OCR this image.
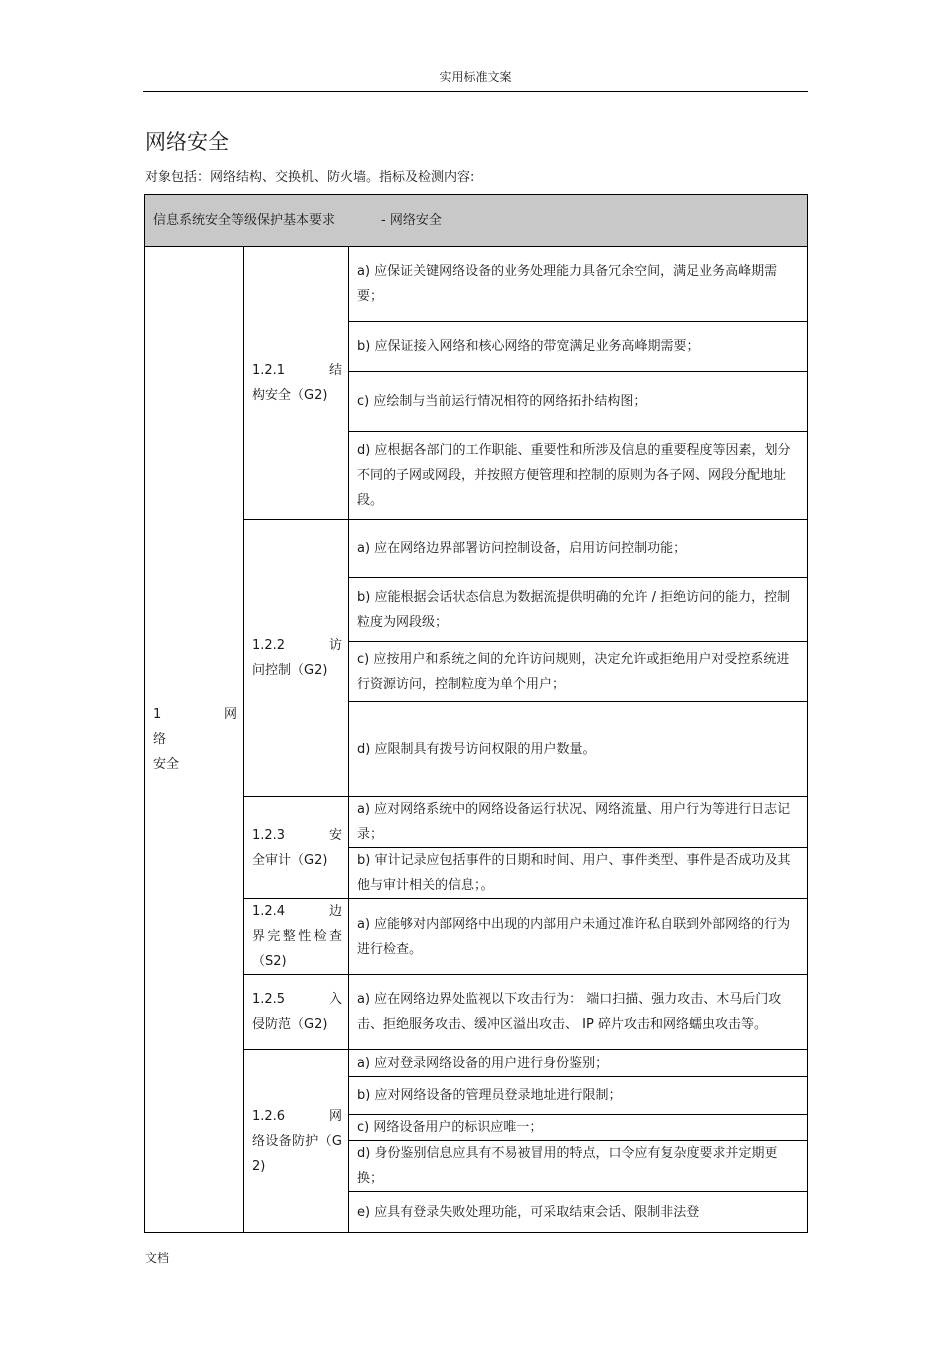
实用标准文案
网络安全
对象包括：网络结构、交换机、防火墙。指标及检测内容:
信息系统安全等级保护基本要求 - 网络安全		

1 网络
安全	1.2.1 结
构安全（G2)	a) 应保证关键网络设备的业务处理能力具备冗余空间，满足业务高峰期需要；
		b) 应保证接入网络和核心网络的带宽满足业务高峰期需要；
		c) 应绘制与当前运行情况相符的网络拓扑结构图；
		d) 应根据各部门的工作职能、重要性和所涉及信息的重要程度等因素，划分不同的子网或网段，并按照方便管理和控制的原则为各子网、网段分配地址段。

	1.2.2 访
问控制（G2)	a) 应在网络边界部署访问控制设备，启用访问控制功能；
		b) 应能根据会话状态信息为数据流提供明确的允许 / 拒绝访问的能力，控制粒度为网段级；
		c) 应按用户和系统之间的允许访问规则，决定允许或拒绝用户对受控系统进行资源访问，控制粒度为单个用户；
		d) 应限制具有拨号访问权限的用户数量。

	1.2.3 安
全审计（G2)	a) 应对网络系统中的网络设备运行状况、网络流量、用户行为等进行日志记录；
		b) 审计记录应包括事件的日期和时间、用户、事件类型、事件是否成功及其他与审计相关的信息；。

	1.2.4 边
界完整性检查（S2)	a) 应能够对内部网络中出现的内部用户未通过准许私自联到外部网络的行为进行检查。

	1.2.5 入
侵防范（G2)	a) 应在网络边界处监视以下攻击行为： 端口扫描、强力攻击、木马后门攻击、拒绝服务攻击、缓冲区溢出攻击、 IP 碎片攻击和网络蠕虫攻击等。

	1.2.6 网
络设备防护（G2)	a) 应对登录网络设备的用户进行身份鉴别；
		b) 应对网络设备的管理员登录地址进行限制；
		c) 网络设备用户的标识应唯一；
		d) 身份鉴别信息应具有不易被冒用的特点，口令应有复杂度要求并定期更换；
		e) 应具有登录失败处理功能，可采取结束会话、限制非法登
文档
